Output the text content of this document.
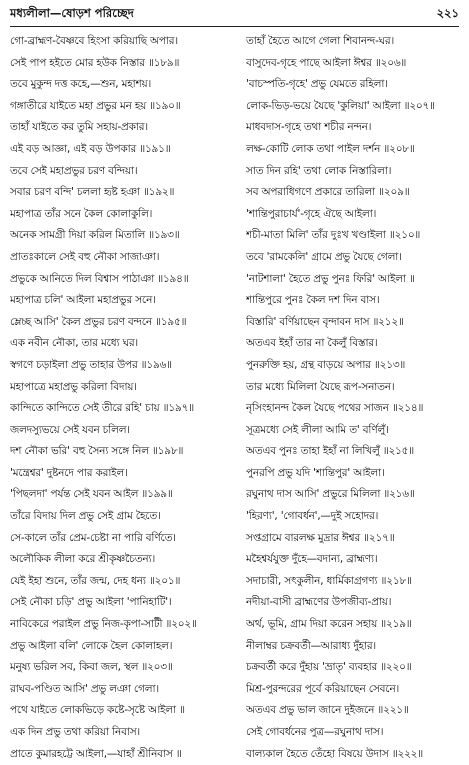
মধ্যলীলা—ষোড়শ পরিচ্ছেদ	২২১
গো-ব্রাহ্মণ-বৈষ্ণবে হিংসা করিয়াছি অপার।
সেই পাপ হইতে মোর হউক নিস্তার ॥১৮৯॥
তবে মুকুন্দ দত্ত কহে,—শুন, মহাশয়।
গঙ্গাতীরে যাইতে মহা প্রভুর মন হয় ॥১৯০॥
তাহাঁ যাইতে কর তুমি সহায়-প্রকার।
এই বড় আজ্ঞা, এই বড় উপকার ॥১৯১॥
তবে সেই মহাপ্রভুর চরণ বন্দিয়া।
সবার চরণ বন্দি' চললা হৃষ্ট হঞা ॥১৯২॥
মহাপাত্র তাঁর সনে কৈল কোলাকুলি।
অনেক সামগ্রী দিয়া করিল মিতালি ॥১৯৩॥
প্রাতঃকালে সেই বহু নৌকা সাজাঞা।
প্রভুকে আনিতে দিল বিশ্বাস পাঠাঞা ॥১৯৪॥
মহাপাত্র চলি' আইলা মহাপ্রভুর সনে।
ম্লেচ্ছ আসি' কৈল প্রভুর চরণ বন্দনে ॥১৯৫॥
এক নবীন নৌকা, তার মধ্যে ঘর।
স্বগণে চড়াইলা প্রভু তাহার উপর ॥১৯৬॥
মহাপাত্রে মহাপ্রভু করিলা বিদায়।
কান্দিতে কান্দিতে সেই তীরে রহি' চায় ॥১৯৭॥
জলদস্যুভয়ে সেই যবন চলিল।
দশ নৌকা ভরি' বহু সৈন্য সঙ্গে নিল ॥১৯৮॥
'মন্ত্রেশ্বর' দুষ্টনদে পার করাইল।
'পিছলদা' পর্যন্ত সেই যবন আইল ॥১৯৯॥
তাঁরে বিদায় দিল প্রভু সেই গ্রাম হৈতে।
সে-কালে তাঁর প্রেম-চেষ্টা না পারি বর্ণিতে।
অলৌকিক লীলা করে শ্রীকৃষ্ণচৈতন্য।
যেই ইহা শুনে, তাঁর জন্ম, দেহ ধন্য ॥২০১॥
সেই নৌকা চড়ি' প্রভু আইলা 'পানিহাটি'।
নাবিকেরে পরাইল প্রভু নিজ-কৃপা-সাটী ॥২০২॥
প্রভু আইলা বলি' লোকে হৈল কোলাহল।
মনুষ্য ভরিল সব, কিবা জল, স্থল ॥২০৩॥
রাঘব-পণ্ডিত আসি' প্রভু লঞা গেলা।
পথে যাইতে লোকভিড়ে কষ্টে-সৃষ্টে আইলা ॥
এক দিন প্রভু তথা করিয়া নিবাস।
প্রাতে কুমারহট্টে আইলা,—যাহাঁ শ্রীনিবাস ॥
তাহাঁ হৈতে আগে গেলা শিবানন্দ-ঘর।
বাসুদেব-গৃহে পাছে আইলা ঈশ্বর ॥২০৬॥
'বাচস্পতি-গৃহে' প্রভু যেমতে রহিলা।
লোক-ভিড়-ভয়ে যৈছে 'কুলিয়া' আইলা ॥২০৭॥
মাধবদাস-গৃহে তথা শচীর নন্দন।
লক্ষ-কোটি লোক তথা পাইল দর্শন ॥২০৮॥
সাত দিন রহি' তথা লোক নিস্তারিলা।
সব অপরাধিগণে প্রকারে তারিলা ॥২০৯॥
'শান্তিপুরাচার্য'-গৃহে ঐছে আইলা।
শচী-মাতা মিলি' তাঁর দুঃখ খণ্ডাইলা ॥২১০॥
তবে 'রামকেলি' গ্রামে প্রভু যৈছে গেলা।
'নাটশালা' হৈতে প্রভু পুনঃ ফিরি' আইলা ॥
শান্তিপুরে পুনঃ কৈল দশ দিন বাস।
বিস্তারি' বর্ণিয়াছেন বৃন্দাবন দাস ॥২১২॥
অতএব ইহাঁ তার না কৈলুঁ বিস্তার।
পুনরুক্তি হয়, গ্রন্থ বাড়য়ে অপার ॥২১৩॥
তার মধ্যে মিলিলা যৈছে রূপ-সনাতন।
নৃসিংহানন্দ কৈল যৈছে পথের সাজন ॥২১৪॥
সূত্রমধ্যে সেই লীলা আমি ত' বর্ণিলুঁ।
অতএব পুনঃ তাহা ইহাঁ না লিখিলুঁ ॥২১৫॥
পুনরপি প্রভু যদি 'শান্তিপুর' আইলা।
রঘুনাথ দাস আসি' প্রভুরে মিলিলা ॥২১৬॥
'হিরণ্য', 'গোবর্ধন',—দুই সহোদর।
সপ্তগ্রামে বারলক্ষ মুদ্রার ঈশ্বর ॥২১৭॥
মহৈশ্বর্যযুক্ত দুঁহে—বদান্য, ব্রাহ্মণ্য।
সদাচারী, সৎকুলীন, ধার্মিকাগ্রগণ্য ॥২১৮॥
নদীয়া-বাসী ব্রাহ্মণের উপজীব্য-প্রায়।
অর্থ, ভূমি, গ্রাম দিয়া করেন সহায় ॥২১৯॥
নীলাম্বর চক্রবর্তী—আরাধ্য দুঁহার।
চক্রবর্তী করে দুঁহায় 'ভ্রাতৃ' ব্যবহার ॥২২০॥
মিশ্র-পুরন্দরের পূর্বে করিয়াছেন সেবনে।
অতএব প্রভু ভাল জানে দুইজনে ॥২২১॥
সেই গোবর্ধনের পুত্র—রঘুনাথ দাস।
বাল্যকাল হৈতে তেঁহো বিষয়ে উদাস ॥২২২॥
